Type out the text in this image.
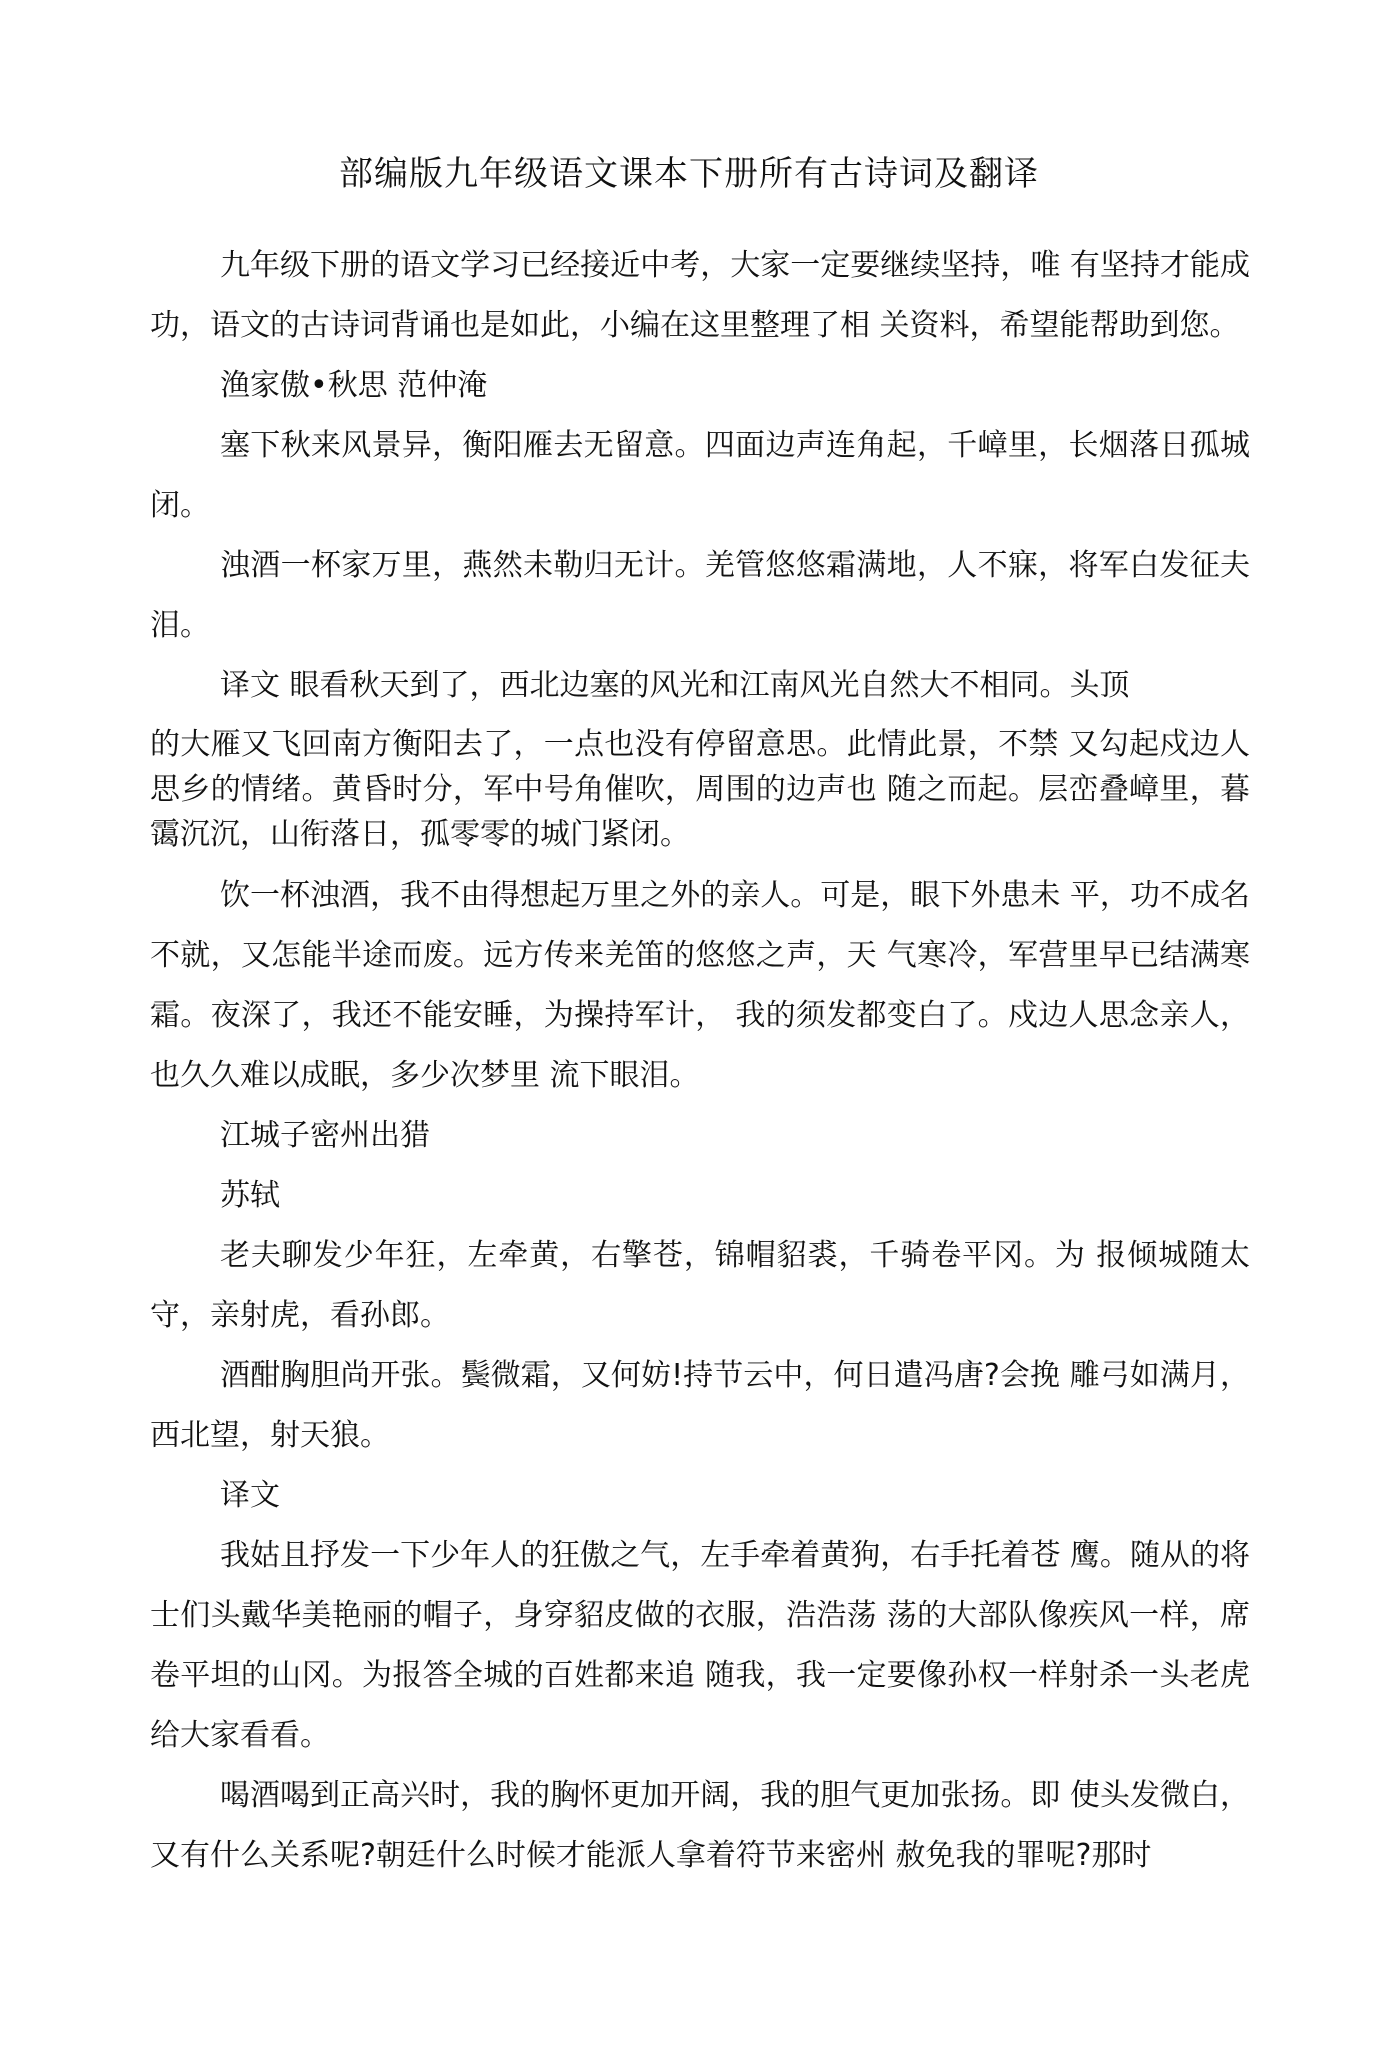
部编版九年级语文课本下册所有古诗词及翻译

九年级下册的语文学习已经接近中考，大家一定要继续坚持，唯 有坚持才能成功，语文的古诗词背诵也是如此，小编在这里整理了相 关资料，希望能帮助到您。

渔家傲•秋思 范仲淹

塞下秋来风景异，衡阳雁去无留意。四面边声连角起，千嶂里，长烟落日孤城闭。

浊酒一杯家万里，燕然未勒归无计。羌管悠悠霜满地，人不寐，将军白发征夫泪。

译文 眼看秋天到了，西北边塞的风光和江南风光自然大不相同。头顶

的大雁又飞回南方衡阳去了，一点也没有停留意思。此情此景，不禁 又勾起戍边人思乡的情绪。黄昏时分，军中号角催吹，周围的边声也 随之而起。层峦叠嶂里，暮霭沉沉，山衔落日，孤零零的城门紧闭。

饮一杯浊酒，我不由得想起万里之外的亲人。可是，眼下外患未 平，功不成名不就，又怎能半途而废。远方传来羌笛的悠悠之声，天 气寒冷，军营里早已结满寒霜。夜深了，我还不能安睡，为操持军计， 我的须发都变白了。戍边人思念亲人，也久久难以成眠，多少次梦里 流下眼泪。

江城子密州出猎

苏轼

老夫聊发少年狂，左牵黄，右擎苍，锦帽貂裘，千骑卷平冈。为 报倾城随太守，亲射虎，看孙郎。

酒酣胸胆尚开张。鬓微霜，又何妨!持节云中，何日遣冯唐?会挽 雕弓如满月，西北望，射天狼。

译文

我姑且抒发一下少年人的狂傲之气，左手牵着黄狗，右手托着苍 鹰。随从的将士们头戴华美艳丽的帽子，身穿貂皮做的衣服，浩浩荡 荡的大部队像疾风一样，席卷平坦的山冈。为报答全城的百姓都来追 随我，我一定要像孙权一样射杀一头老虎给大家看看。

喝酒喝到正高兴时，我的胸怀更加开阔，我的胆气更加张扬。即 使头发微白，又有什么关系呢?朝廷什么时候才能派人拿着符节来密州 赦免我的罪呢?那时
